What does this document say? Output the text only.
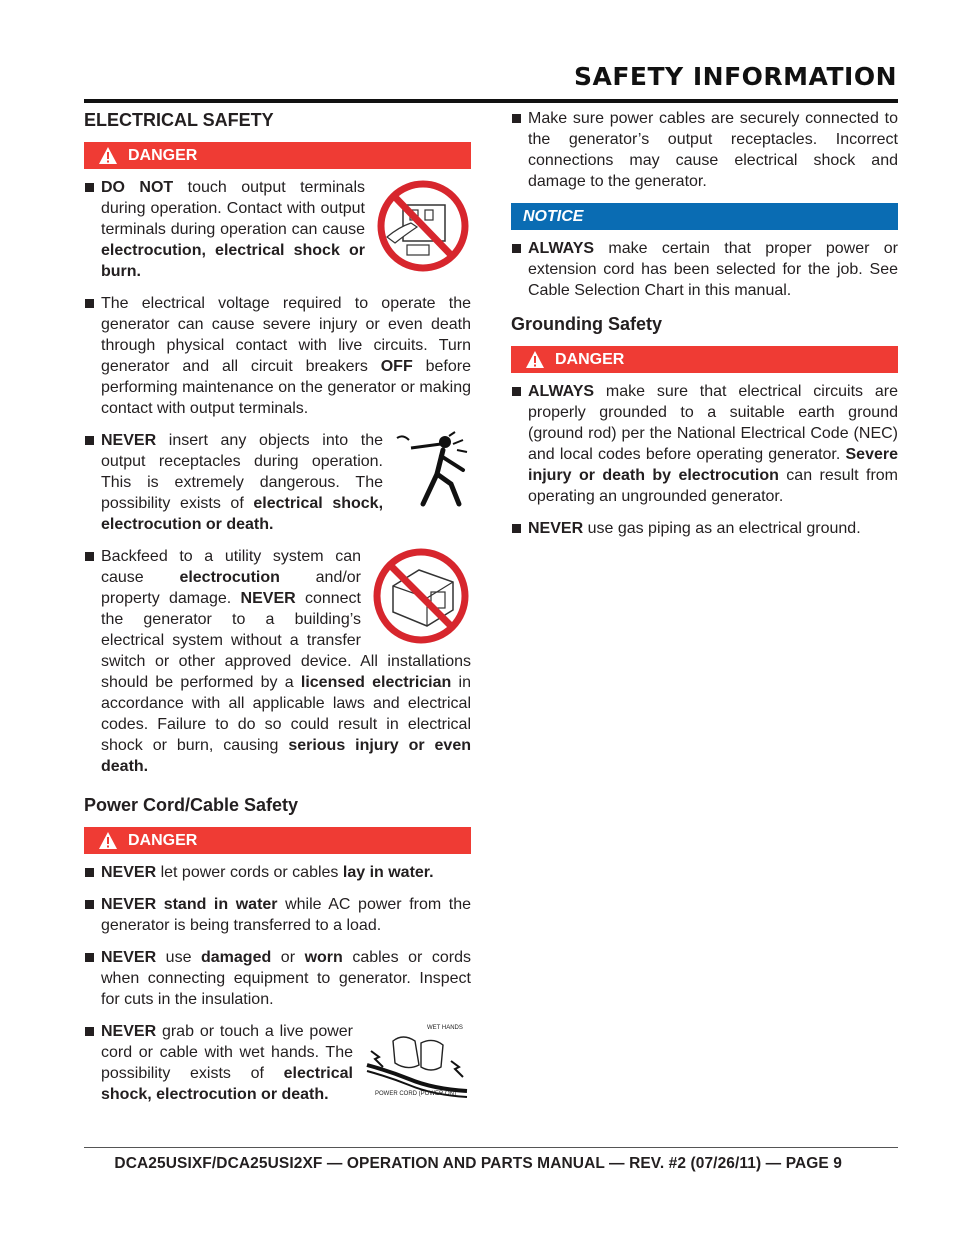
SAFETY INFORMATION
ELECTRICAL SAFETY
DANGER
DO NOT touch output terminals during operation. Contact with output terminals during operation can cause electrocution, electrical shock or burn.
The electrical voltage required to operate the generator can cause severe injury or even death through physical contact with live circuits. Turn generator and all circuit breakers OFF before performing maintenance on the generator or making contact with output terminals.
NEVER insert any objects into the output receptacles during operation. This is extremely dangerous. The possibility exists of electrical shock, electrocution or death.
Backfeed to a utility system can cause electrocution and/or property damage. NEVER connect the generator to a building’s electrical system without a transfer switch or other approved device. All installations should be performed by a licensed electrician in accordance with all applicable laws and electrical codes. Failure to do so could result in electrical shock or burn, causing serious injury or even death.
Power Cord/Cable Safety
DANGER
NEVER let power cords or cables lay in water.
NEVER stand in water while AC power from the generator is being transferred to a load.
NEVER use damaged or worn cables or cords when connecting equipment to generator. Inspect for cuts in the insulation.
WET HANDS
POWER CORD (POWER ON)
NEVER grab or touch a live power cord or cable with wet hands. The possibility exists of electrical shock, electrocution or death.
Make sure power cables are securely connected to the generator’s output receptacles. Incorrect connections may cause electrical shock and damage to the generator.
NOTICE
ALWAYS make certain that proper power or extension cord has been selected for the job. See Cable Selection Chart in this manual.
Grounding Safety
DANGER
ALWAYS make sure that electrical circuits are properly grounded to a suitable earth ground (ground rod) per the National Electrical Code (NEC) and local codes before operating generator. Severe injury or death by electrocution can result from operating an ungrounded generator.
NEVER use gas piping as an electrical ground.
DCA25USIXF/DCA25USI2XF — OPERATION AND PARTS MANUAL — REV. #2 (07/26/11) — PAGE 9
